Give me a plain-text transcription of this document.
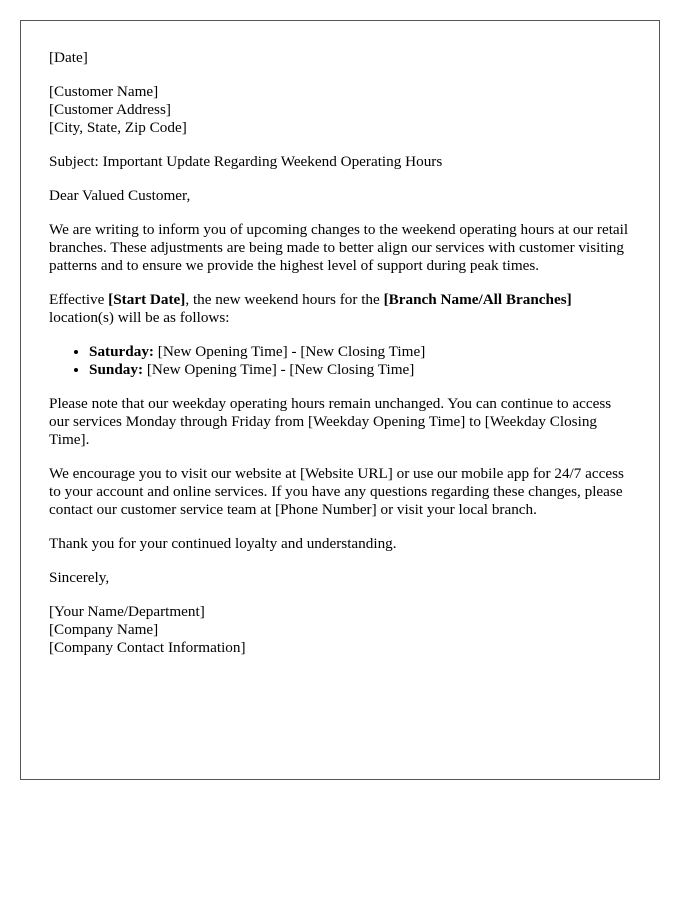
[Date]

[Customer Name]
[Customer Address]
[City, State, Zip Code]

Subject: Important Update Regarding Weekend Operating Hours

Dear Valued Customer,

We are writing to inform you of upcoming changes to the weekend operating hours at our retail branches. These adjustments are being made to better align our services with customer visiting patterns and to ensure we provide the highest level of support during peak times.

Effective [Start Date], the new weekend hours for the [Branch Name/All Branches] location(s) will be as follows:

• Saturday: [New Opening Time] - [New Closing Time]
• Sunday: [New Opening Time] - [New Closing Time]

Please note that our weekday operating hours remain unchanged. You can continue to access our services Monday through Friday from [Weekday Opening Time] to [Weekday Closing Time].

We encourage you to visit our website at [Website URL] or use our mobile app for 24/7 access to your account and online services. If you have any questions regarding these changes, please contact our customer service team at [Phone Number] or visit your local branch.

Thank you for your continued loyalty and understanding.

Sincerely,

[Your Name/Department]
[Company Name]
[Company Contact Information]
